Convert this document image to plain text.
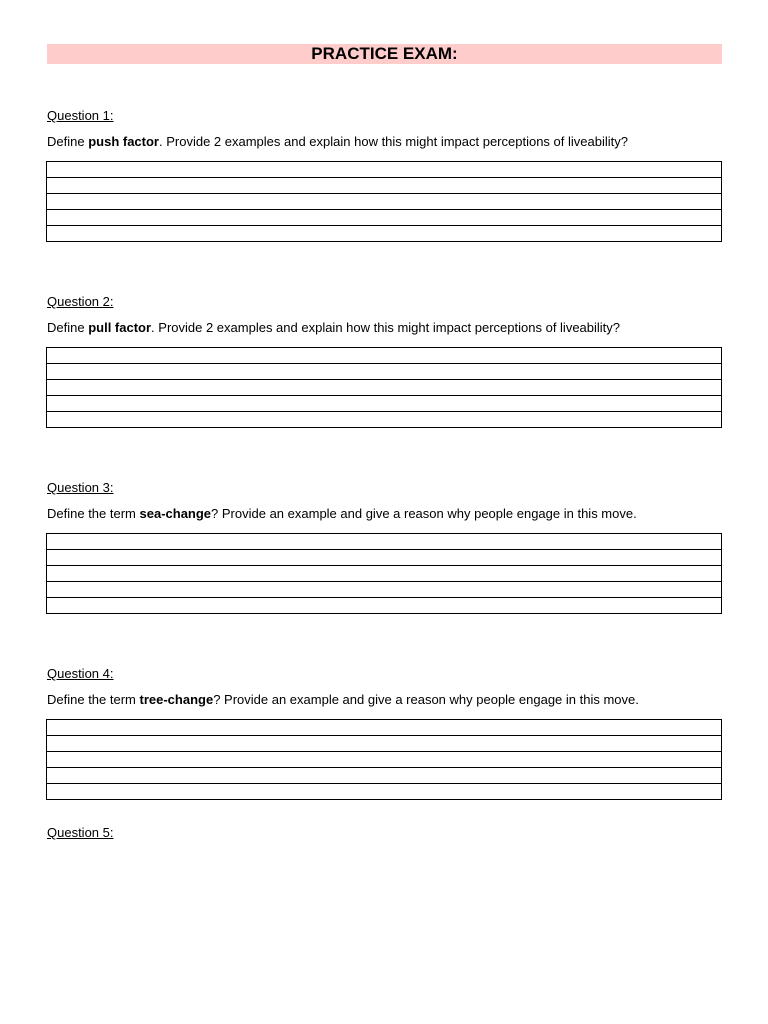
PRACTICE EXAM:
Question 1:
Define push factor. Provide 2 examples and explain how this might impact perceptions of liveability?
Question 2:
Define pull factor. Provide 2 examples and explain how this might impact perceptions of liveability?
Question 3:
Define the term sea-change? Provide an example and give a reason why people engage in this move.
Question 4:
Define the term tree-change? Provide an example and give a reason why people engage in this move.
Question 5:
